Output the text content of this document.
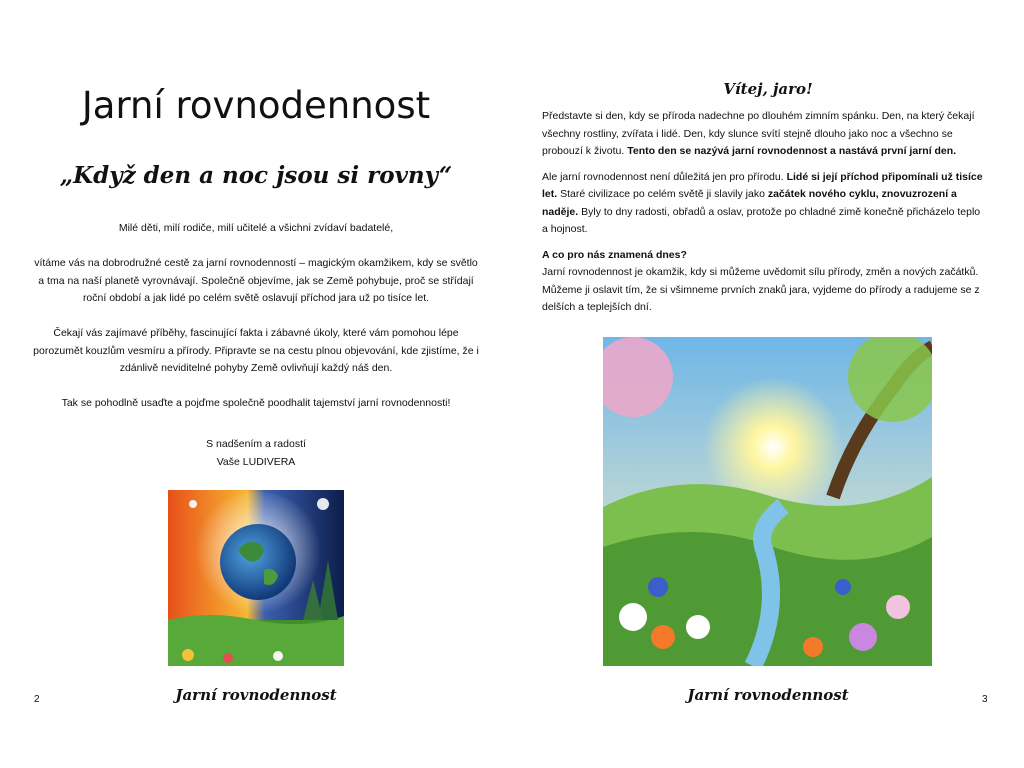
Jarní rovnodennost
„Když den a noc jsou si rovny“

Milé děti, milí rodiče, milí učitelé a všichni zvídaví badatelé,

vítáme vás na dobrodružné cestě za jarní rovnodenností – magickým okamžikem, kdy se světlo a tma na naší planetě vyrovnávají. Společně objevíme, jak se Země pohybuje, proč se střídají roční období a jak lidé po celém světě oslavují příchod jara už po tisíce let.

Čekají vás zajímavé příběhy, fascinující fakta i zábavné úkoly, které vám pomohou lépe porozumět kouzlům vesmíru a přírody. Připravte se na cestu plnou objevování, kde zjistíme, že i zdánlivě neviditelné pohyby Země ovlivňují každý náš den.

Tak se pohodlně usaďte a pojďme společně poodhalit tajemství jarní rovnodennosti!

S nadšením a radostí
Vaše LUDIVERA
Jarní rovnodennost
2
Vítej, jaro!

Představte si den, kdy se příroda nadechne po dlouhém zimním spánku. Den, na který čekají všechny rostliny, zvířata i lidé. Den, kdy slunce svítí stejně dlouho jako noc a všechno se probouzí k životu. Tento den se nazývá jarní rovnodennost a nastává první jarní den.

Ale jarní rovnodennost není důležitá jen pro přírodu. Lidé si její příchod připomínali už tisíce let. Staré civilizace po celém světě ji slavily jako začátek nového cyklu, znovuzrození a naděje. Byly to dny radosti, obřadů a oslav, protože po chladné zimě konečně přicházelo teplo a hojnost.

A co pro nás znamená dnes?
Jarní rovnodennost je okamžik, kdy si můžeme uvědomit sílu přírody, změn a nových začátků. Můžeme ji oslavit tím, že si všimneme prvních znaků jara, vyjdeme do přírody a radujeme se z delších a teplejších dní.

Jarní rovnodennost	3
